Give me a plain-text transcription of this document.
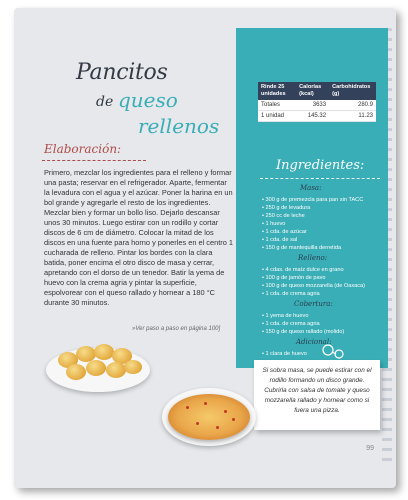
Pancitos
de queso
rellenos
Elaboración:

Primero, mezclar los ingredientes para el relleno y formar una pasta; reservar en el refrigerador. Aparte, fermentar la levadura con el agua y el azúcar. Poner la harina en un bol grande y agregarle el resto de los ingredientes. Mezclar bien y formar un bollo liso. Dejarlo descansar unos 30 minutos. Luego estirar con un rodillo y cortar discos de 6 cm de diámetro. Colocar la mitad de los discos en una fuente para horno y ponerles en el centro 1 cucharada de relleno. Pintar los bordes con la clara batida, poner encima el otro disco de masa y cerrar, apretando con el dorso de un tenedor. Batir la yema de huevo con la crema agria y pintar la superficie, espolvorear con el queso rallado y hornear a 180 °C durante 30 minutos.

»Ver paso a paso en página 100]
Rinde 25 unidades	Calorías (kcal)	Carbohidratos (g)
Totales	3633	280.9
1 unidad	145.32	11.23
Ingredientes:
Masa:
• 300 g de premezcla para pan sin TACC
• 250 g de levadura
• 250 cc de leche
• 1 huevo
• 1 cda. de azúcar
• 1 cda. de sal
• 150 g de mantequilla derretida
Relleno:
• 4 cdas. de maíz dulce en grano
• 100 g de jamón de pavo
• 100 g de queso mozzarella (de Oaxaca)
• 1 cda. de crema agria
Cobertura:
• 1 yema de huevo
• 1 cda. de crema agria
• 150 g de queso rallado (molido)
Adicional:
• 1 clara de huevo

Si sobra masa, se puede estirar con el rodillo formando un disco grande. Cubrirla con salsa de tomate y queso mozzarella rallado y hornear como si fuera una pizza.

99
